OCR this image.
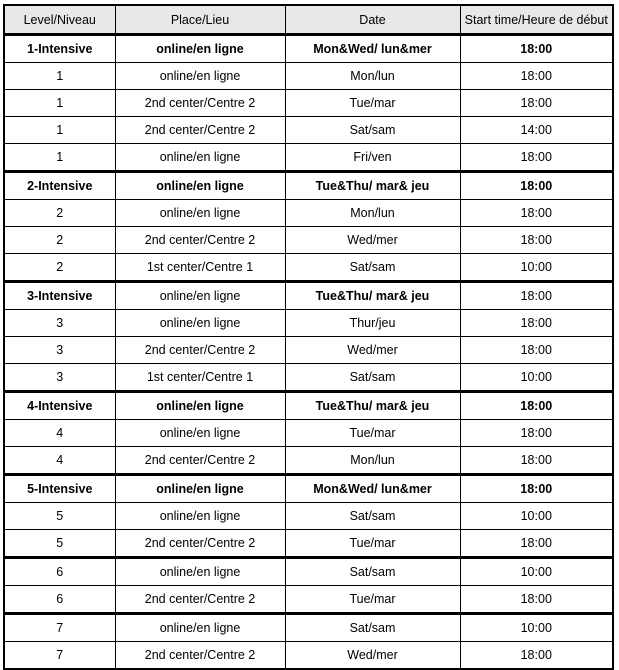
Level/Niveau	Place/Lieu	Date	Start time/Heure de début
1-Intensive	online/en ligne	Mon&Wed/ lun&mer	18:00
1	online/en ligne	Mon/lun	18:00
1	2nd center/Centre 2	Tue/mar	18:00
1	2nd center/Centre 2	Sat/sam	14:00
1	online/en ligne	Fri/ven	18:00
2-Intensive	online/en ligne	Tue&Thu/ mar& jeu	18:00
2	online/en ligne	Mon/lun	18:00
2	2nd center/Centre 2	Wed/mer	18:00
2	1st center/Centre 1	Sat/sam	10:00
3-Intensive	online/en ligne	Tue&Thu/ mar& jeu	18:00
3	online/en ligne	Thur/jeu	18:00
3	2nd center/Centre 2	Wed/mer	18:00
3	1st center/Centre 1	Sat/sam	10:00
4-Intensive	online/en ligne	Tue&Thu/ mar& jeu	18:00
4	online/en ligne	Tue/mar	18:00
4	2nd center/Centre 2	Mon/lun	18:00
5-Intensive	online/en ligne	Mon&Wed/ lun&mer	18:00
5	online/en ligne	Sat/sam	10:00
5	2nd center/Centre 2	Tue/mar	18:00
6	online/en ligne	Sat/sam	10:00
6	2nd center/Centre 2	Tue/mar	18:00
7	online/en ligne	Sat/sam	10:00
7	2nd center/Centre 2	Wed/mer	18:00
